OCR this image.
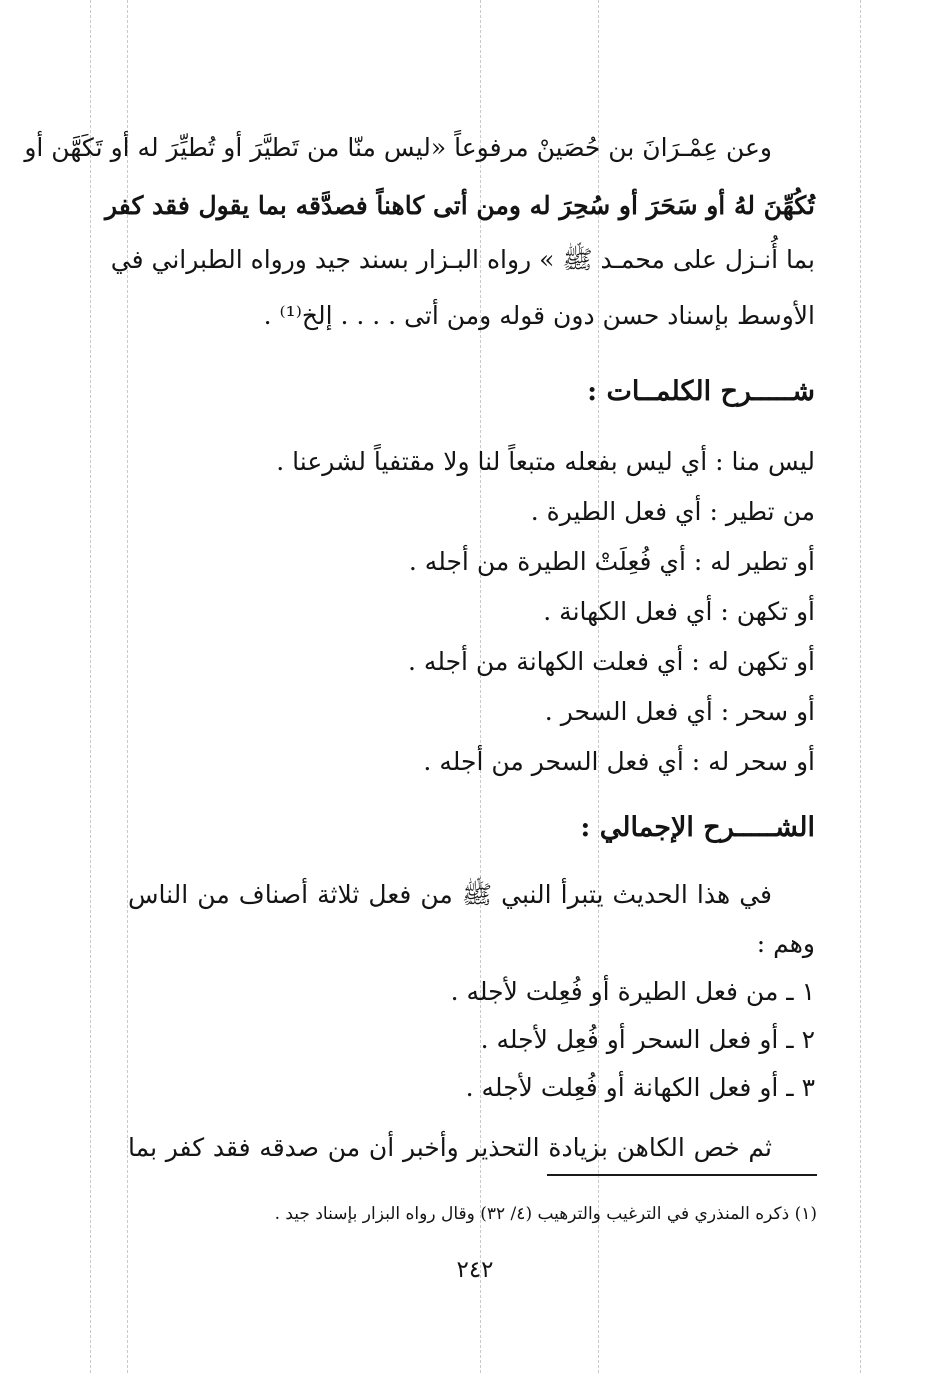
وعن عِمْـرَانَ بن حُصَينْ مرفوعاً «ليس منّا من تَطيَّرَ أو تُطيِّرَ له أو تَكَهَّن أو
تُكُهِّنَ لهُ أو سَحَرَ أو سُحِرَ له ومن أتى كاهناً فصدَّقه بما يقول فقد كفر
بما أُنـزل على محمـد ﷺ » رواه البـزار بسند جيد ورواه الطبراني في
الأوسط بإسناد حسن دون قوله ومن أتى . . . . إلخ⁽¹⁾ .
شـــــرح الكلمــات :
ليس منا : أي ليس بفعله متبعاً لنا ولا مقتفياً لشرعنا .
من تطير : أي فعل الطيرة .
أو تطير له : أي فُعِلَتْ الطيرة من أجله .
أو تكهن : أي فعل الكهانة .
أو تكهن له : أي فعلت الكهانة من أجله .
أو سحر : أي فعل السحر .
أو سحر له : أي فعل السحر من أجله .
الشـــــرح الإجمالي :
في هذا الحديث يتبرأ النبي ﷺ من فعل ثلاثة أصناف من الناس
وهم :
١ ـ من فعل الطيرة أو فُعِلت لأجله .
٢ ـ أو فعل السحر أو فُعِل لأجله .
٣ ـ أو فعل الكهانة أو فُعِلت لأجله .
ثم خص الكاهن بزيادة التحذير وأخبر أن من صدقه فقد كفر بما
(١) ذكره المنذري في الترغيب والترهيب (٤/ ٣٢) وقال رواه البزار بإسناد جيد .
٢٤٢
